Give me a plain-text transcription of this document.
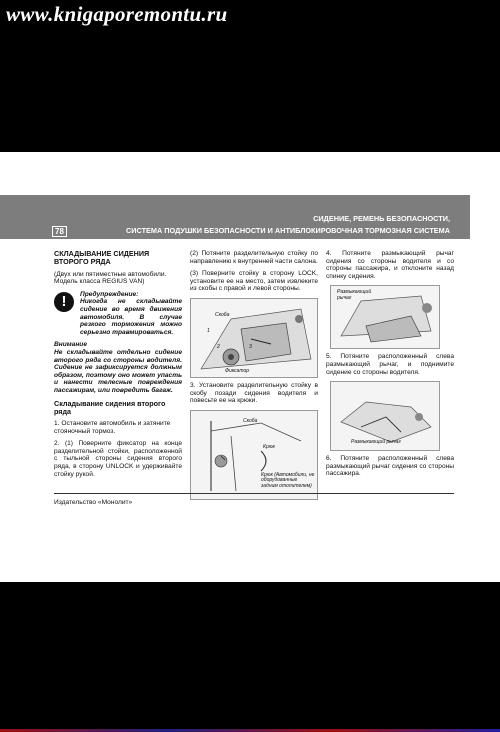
www.knigaporemontu.ru
78
СИДЕНИЕ, РЕМЕНЬ БЕЗОПАСНОСТИ,
СИСТЕМА ПОДУШКИ БЕЗОПАСНОСТИ И АНТИБЛОКИРОВОЧНАЯ ТОРМОЗНАЯ СИСТЕМА
СКЛАДЫВАНИЕ СИДЕНИЯ ВТОРОГО РЯДА

(Двух или пятиместные автомобили. Модель класса REGIUS VAN)

!	Предупреждение:
Никогда не складывайте сидение во время движения автомобиля. В случае резкого торможения можно серьезно травмироваться.
Внимание

Не складывайте отдельно сидение второго ряда со стороны водителя. Сидение не зафиксируется должным образом, поэтому оно может упасть и нанести телесные повреждения пассажирам, или повредить багаж.

Складывание сидения второго ряда

1. Остановите автомобиль и затяните стояночный тормоз.

2. (1) Поверните фиксатор на конце разделительной стойки, расположенной с тыльной стороны сидения второго ряда, в сторону UNLOCK и удерживайте стойку рукой.

(2) Потяните разделительную стойку по направлению к внутренней части салона.

(3) Поверните стойку в сторону LOCK, установите ее на место, затем извлеките из скобы с правой и левой стороны.

Скоба
1
2	3
Фиксатор

3. Установите разделительную стойку в скобу позади сидения водителя и повесьте ее на крюки.

Скоба
Крюк
Крюк (Автомобили, не оборудованные задним отопителем)

4. Потяните размыкающий рычаг сидения со стороны водителя и со стороны пассажира, и отклоните назад спинку сидения.

Размыкающий рычаг

5. Потяните расположенный слева размыкающий рычаг, и поднимите сидение со стороны водителя.

Размыкающий рычаг

6. Потяните расположенный слева размыкающий рычаг сидения со стороны пассажира.

Издательство «Монолит»
